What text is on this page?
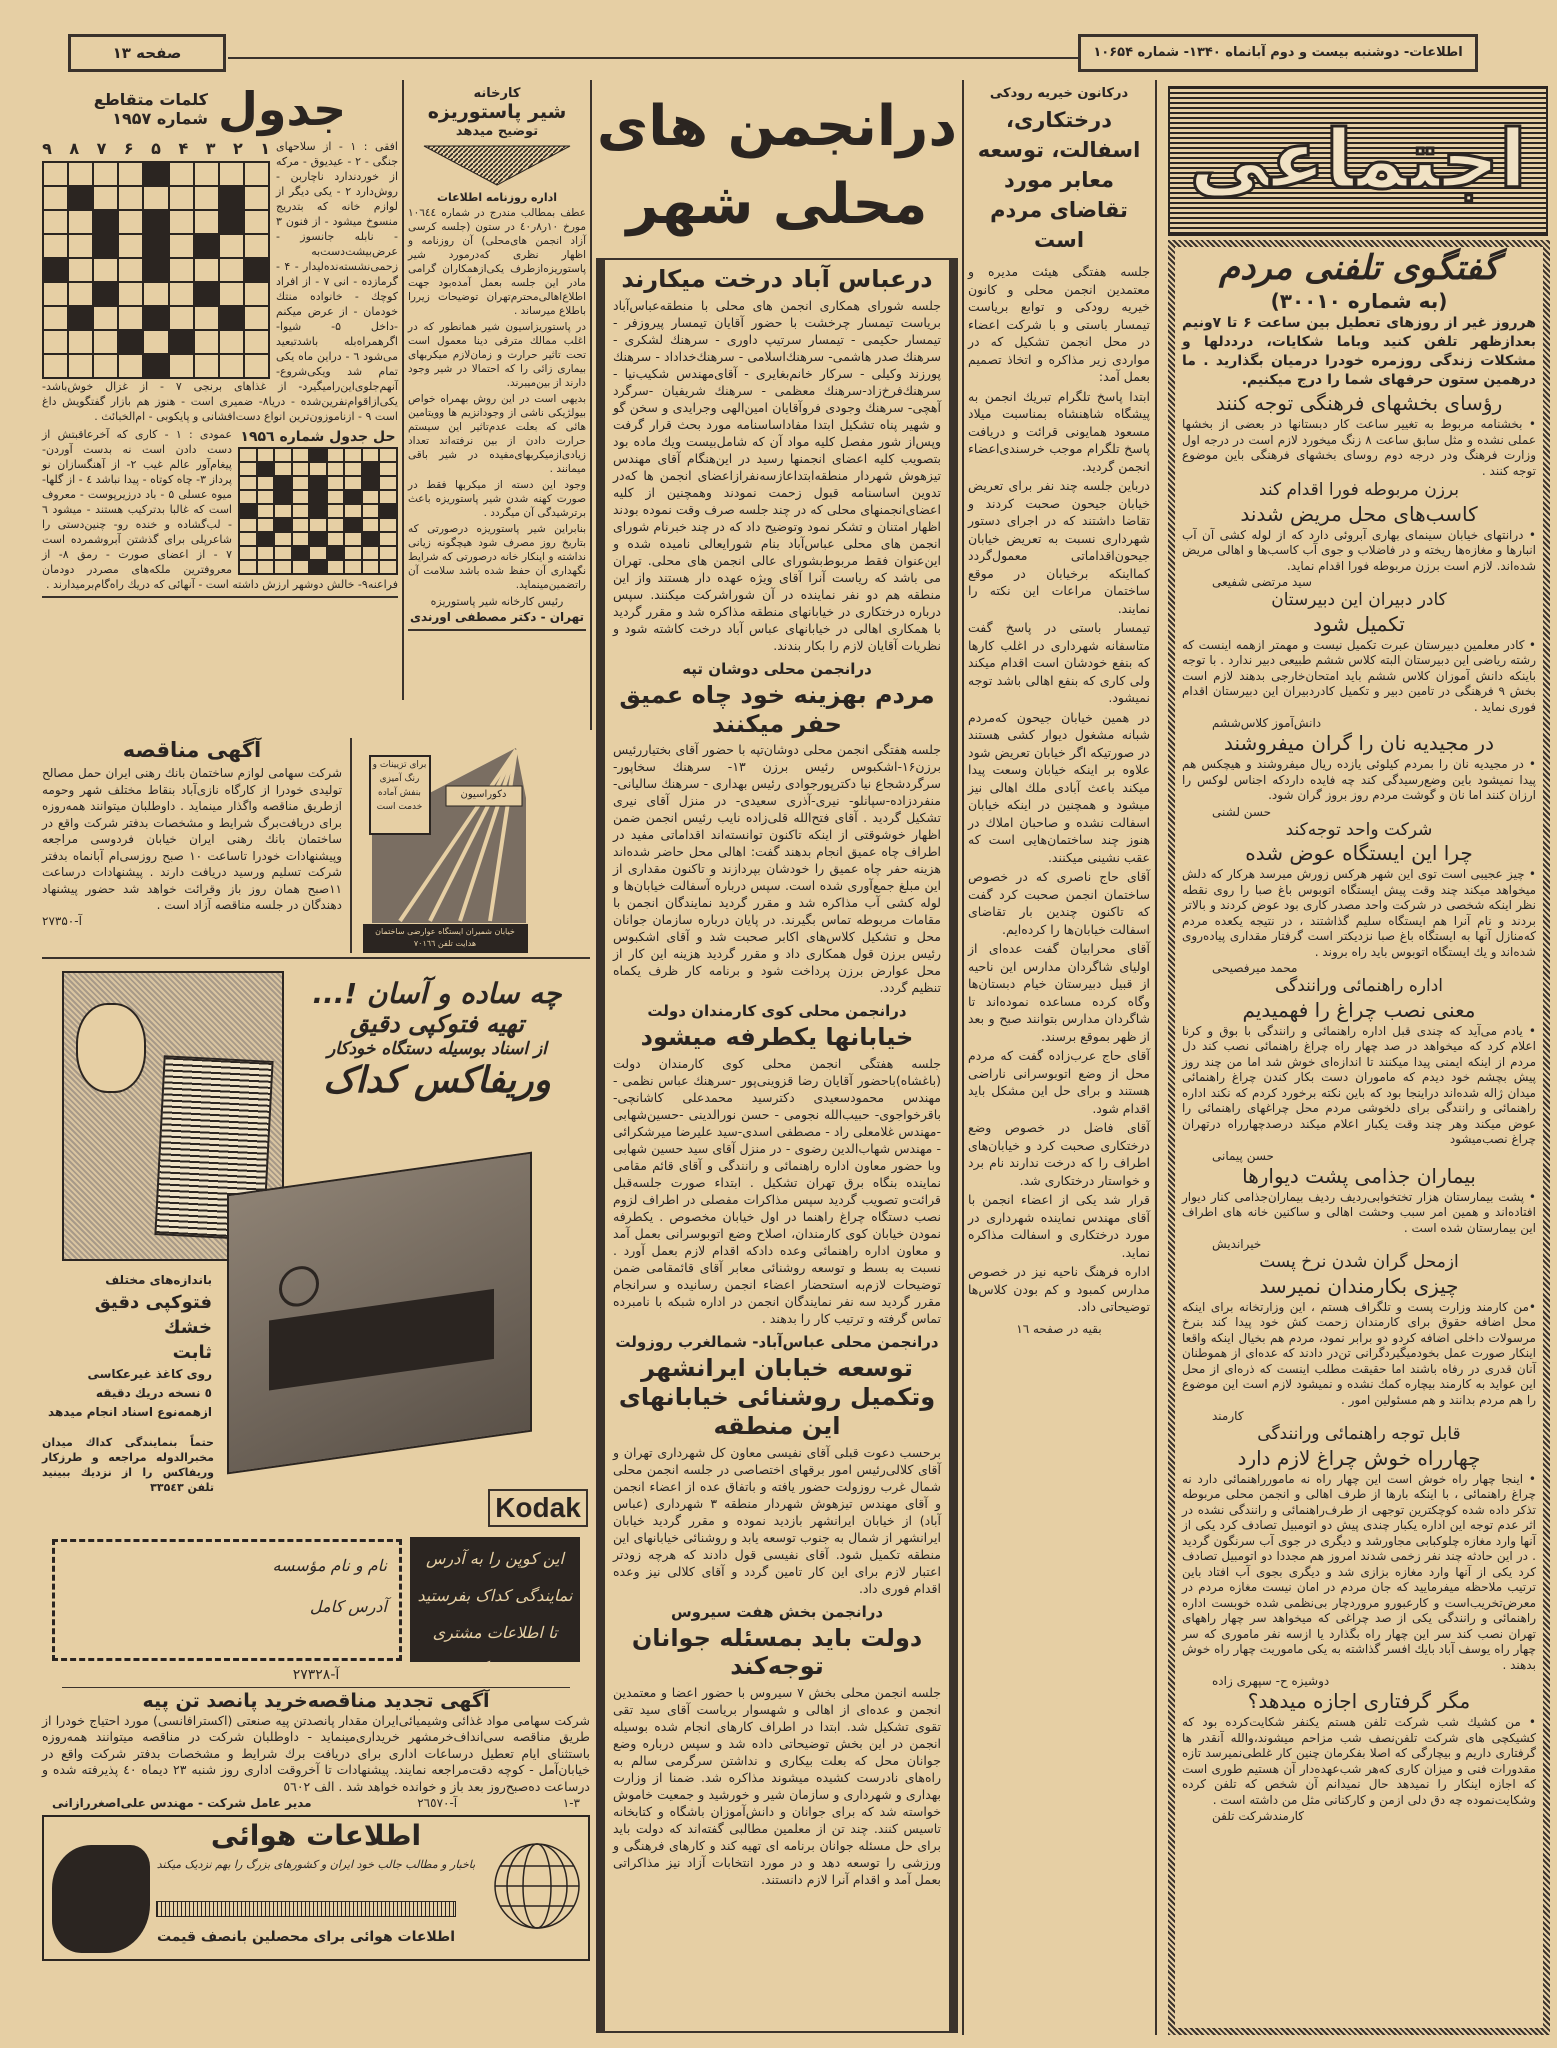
اطلاعات- دوشنبه بیست و دوم آبانماه ۱۳۴۰- شماره ۱۰۶۵۴
صفحه ۱۳
اجتماعی
گفتگوی تلفنی مردم
(به شماره ۳۰۰۱۰)
هرروز غیر از روزهای تعطیل بین ساعت ۶ تا ۷ونیم بعدازظهر تلفن کنید وباما شکایات، درددلها و مشکلات زندگی روزمره خودرا درمیان بگذارید . ما درهمین ستون حرفهای شما را درج میکنیم.
رؤسای بخشهای فرهنگی توجه کنند
• بخشنامه مربوط به تغییر ساعت کار دبستانها در بعضی از بخشها عملی نشده و مثل سابق ساعت ۸ زنگ میخورد لازم است در درجه اول وزارت فرهنگ ودر درجه دوم روسای بخشهای فرهنگی باین موضوع توجه کنند .
برزن مربوطه فورا اقدام کند
کاسب‌های محل مریض شدند
• درانتهای خیابان سینمای بهاری آبروئی دارد که از لوله کشی آن آب انبارها و مغازه‌ها ریخته و در فاضلاب و جوی آب کاسب‌ها و اهالی مریض شده‌اند. لازم است برزن مربوطه فورا اقدام نماید.
سید مرتضی شفیعی
کادر دبیران این دبیرستان
تکمیل شود
• کادر معلمین دبیرستان عبرت تکمیل نیست و مهمتر ازهمه اینست که رشته ریاضی این دبیرستان البته کلاس ششم طبیعی دبیر ندارد . با توجه باینکه دانش آموزان کلاس ششم باید امتحان‌خارجی بدهند لازم است بخش ۹ فرهنگی در تامین دبیر و تکمیل کادردبیران این دبیرستان اقدام فوری نماید .
دانش‌آموز کلاس‌ششم
در مجیدیه نان را گران میفروشند
• در مجیدیه نان را بمردم کیلوئی یازده ریال میفروشند و هیچکس هم پیدا نمیشود باین وضع‌رسیدگی کند چه فایده داردکه اجناس لوکس را ارزان کنند اما نان و گوشت مردم روز بروز گران شود.
حسن لشنی
شرکت واحد توجه‌کند
چرا این ایستگاه عوض شده
• چیز عجیبی است توی این شهر هرکس زورش میرسد هرکار که دلش میخواهد میکند چند وقت پیش ایستگاه اتوبوس باغ صبا را روی نقطه نظر اینکه شخصی در شرکت واحد مصدر کاری بود عوض کردند و بالاتر بردند و نام آنرا هم ایستگاه سلیم گذاشتند ، در نتیجه یکعده مردم که‌منازل آنها به ایستگاه باغ صبا نزدیکتر است گرفتار مقداری پیاده‌روی شده‌اند و یك ایستگاه اتوبوس باید راه بروند .
محمد میرفصیحی
اداره راهنمائی ورانندگی
معنی نصب چراغ را فهمیدیم
• یادم می‌آید که چندی قبل اداره راهنمائی و رانندگی با بوق و کرنا اعلام کرد که میخواهد در صد چهار راه چراغ راهنمائی نصب کند دل مردم از اینکه ایمنی پیدا میکنند تا اندازه‌ای خوش شد اما من چند روز پیش بچشم خود دیدم که ماموران دست بکار کندن چراغ راهنمائی میدان ژاله شده‌اند دراینجا بود که باین نکته برخورد کردم که نکند اداره راهنمائی و رانندگی برای دلخوشی مردم محل چراغهای راهنمائی را عوض میکند وهر چند وقت یکبار اعلام میکند درصدچهارراه درتهران چراغ نصب‌میشود
حسن پیمانی
بیماران جذامی پشت دیوارها
• پشت بیمارستان هزار تختخوابی‌ردیف ردیف بیماران‌جذامی کنار دیوار افتاده‌اند و همین امر سبب وحشت اهالی و ساکنین خانه های اطراف این بیمارستان شده است .
خیراندیش
ازمحل گران شدن نرخ پست
چیزی بکارمندان نمیرسد
•من کارمند وزارت پست و تلگراف هستم ، این وزارتخانه برای اینکه محل اضافه حقوق برای کارمندان زحمت کش خود پیدا کند بنرخ مرسولات داخلی اضافه کردو دو برابر نمود، مردم هم بخیال اینکه واقعا اینکار صورت عمل بخودمیگیرد‌گرانی تن‌در دادند که عده‌ای از هموطنان آنان قدری در رفاه باشند اما حقیقت مطلب اینست که ذره‌ای از محل این عواید به کارمند بیچاره کمك نشده و نمیشود لازم است این موضوع را هم مردم بدانند و هم مسئولین امور .
کارمند
قابل توجه راهنمائی ورانندگی
چهارراه خوش چراغ لازم دارد
• اینجا چهار راه خوش است این چهار راه نه مامورراهنمائی دارد نه چراغ راهنمائی ، با اینکه بارها از طرف اهالی و انجمن محلی مربوطه تذکر داده شده کوچکترین توجهی از طرف‌راهنمائی و رانندگی نشده در اثر عدم توجه این اداره یکبار چندی پیش دو اتومبیل تصادف کرد یکی از آنها وارد مغازه چلوکبابی مجاورشد و دیگری در جوی آب سرنگون گردید . در این حادثه چند نفر زخمی شدند امروز هم مجددا دو اتومبیل تصادف کرد یکی از آنها وارد مغازه بزازی شد و دیگری بجوی آب افتاد باین ترتیب ملاحظه میفرمایید که جان مردم در امان نیست مغازه مردم در معرض‌تخریب‌است و کارعبورو مروردچار بی‌نظمی شده خوبست اداره راهنمائی و رانندگی یکی از صد چراغی که میخواهد سر چهار راههای تهران نصب کند سر این چهار راه بگذارد یا ازسه نفر ماموری که سر چهار راه یوسف آباد بایك افسر گذاشته به یکی ماموریت چهار راه خوش بدهند .
دوشیزه ح- سپهری زاده
مگر گرفتاری اجازه میدهد؟
• من کشیك شب شرکت تلفن هستم یکنفر شکایت‌کرده بود که کشیکچی های شرکت تلفن‌نصف شب مزاحم میشوند،والله آنقدر ها گرفتاری داریم و بیچارگی که اصلا بفکرمان چنین کار غلطی‌نمیرسد تازه مقدورات فنی و میزان کاری که‌هر شب‌عهده‌دار آن هستیم طوری است که اجازه اینکار را نمیدهد حال نمیدانم آن شخص که تلفن کرده وشکایت‌نموده چه دق دلی ازمن و کارکنانی مثل من داشته است .
کارمندشرکت تلفن
درکانون خیریه رودکی
درختکاری، اسفالت، توسعه معابر مورد تقاضای مردم است

جلسه هفتگی هیئت مدیره و معتمدین انجمن محلی و کانون خیریه رودکی و توابع بریاست تیمسار باستی و با شرکت اعضاء در محل انجمن تشکیل که در مواردی زیر مذاکره و اتخاذ تصمیم بعمل آمد:

ابتدا پاسخ تلگرام تبریك انجمن به پیشگاه شاهنشاه بمناسبت میلاد مسعود همایونی قرائت و دریافت پاسخ تلگرام موجب خرسندی‌اعضاء انجمن گردید.

درباین جلسه چند نفر برای تعریض خیابان جیحون صحبت کردند و تقاضا داشتند که در اجرای دستور شهرداری نسبت به تعریض خیابان جیحون‌اقداماتی معمول‌گردد کمااینکه برخیابان در موقع ساختمان مراعات این نکته را نمایند.

تیمسار باستی در پاسخ گفت متاسفانه شهرداری در اغلب کارها که بنفع خودشان است اقدام میکند ولی کاری که بنفع اهالی باشد توجه نمیشود.

در همین خیابان جیحون که‌مردم شبانه مشغول دیوار کشی هستند در صورتیکه اگر خیابان تعریض شود علاوه بر اینکه خیابان وسعت پیدا میکند باعث آبادی ملك اهالی نیز میشود و همچنین در اینکه خیابان اسفالت نشده و صاحبان املاك در هنوز چند ساختمان‌هایی است که عقب نشینی میکنند.

آقای حاج ناصری که در خصوص ساختمان انجمن صحبت کرد گفت که تاکنون چندین بار تقاضای اسفالت خیابان‌ها را کرده‌ایم.

آقای محرابیان گفت عده‌ای از اولیای شاگردان مدارس این ناحیه از قبیل دبیرستان خیام دبستان‌ها وگاه کرده مساعده نموده‌اند تا شاگردان مدارس بتوانند صبح و بعد از ظهر بموقع برسند.

آقای حاج عرب‌زاده گفت که مردم محل از وضع اتوبوسرانی ناراضی هستند و برای حل این مشکل باید اقدام شود.

آقای فاضل در خصوص وضع درختکاری صحبت کرد و خیابان‌های اطراف را که درخت ندارند نام برد و خواستار درختکاری شد.

قرار شد یکی از اعضاء انجمن با آقای مهندس نماینده شهرداری در مورد درختکاری و اسفالت مذاکره نماید.

اداره فرهنگ ناحیه نیز در خصوص مدارس کمبود و کم بودن کلاس‌ها توضیحاتی داد.

بقیه در صفحه ۱٦
درانجمن های
محلی شهر
درعباس آباد درخت میکارند
جلسه شورای همکاری انجمن های محلی با منطقه‌عباس‌آباد بریاست تیمسار چرخشت با حضور آقایان تیمسار پیروزفر - تیمسار حکیمی - تیمسار سرتیپ داوری - سرهنك لشکری - سرهنك صدر هاشمی- سرهنك‌اسلامی - سرهنك‌خداداد - سرهنك پورزند وکیلی - سرکار خانم‌بغایری - آقای‌مهندس شکیب‌نیا - سرهنك‌فرخ‌زاد-سرهنك معظمی - سرهنك شریفیان -سرگرد آهچی- سرهنك وجودی فروآقایان امین‌الهی وجرایدی و سخن گو و شهیر پناه تشکیل ابتدا مفاداساسنامه مورد بحث قرار گرفت وپس‌از شور مفصل کلیه مواد آن که شامل‌بیست ویك ماده بود بتصویب کلیه اعضای انجمنها رسید در این‌هنگام آقای مهندس تیزهوش شهردار منطقه‌ابتداعازسه‌نفرازاعضای انجمن ها که‌در تدوین اساسنامه قبول زحمت نمودند وهمچنین از کلیه اعضای‌انجمنهای محلی که در چند جلسه صرف وقت نموده بودند اظهار امتنان و تشکر نمود وتوضیح داد که در چند خبرنام شورای انجمن های محلی عباس‌آباد بنام شورایعالی نامیده شده و این‌عنوان فقط مربوط‌بشورای عالی انجمن های محلی. تهران می باشد که ریاست آنرا آقای ویژه عهده دار هستند واز این منطقه هم دو نفر نماینده در آن شوراشرکت میکنند. سپس درباره درختکاری در خیابانهای منطقه مذاکره شد و مقرر گردید با همکاری اهالی در خیابانهای عباس آباد درخت کاشته شود و نظریات آقایان لازم را بکار بندند.
درانجمن محلی دوشان تپه
مردم بهزینه خود چاه عمیق حفر میکنند
جلسه هفتگی انجمن محلی دوشان‌تپه با حضور آقای بختیاررئیس برزن۱۶-اشکبوس رئیس برزن ۱۳- سرهنك سخاپور- سرگردشجاع نیا دکترپورجوادی رئیس بهداری - سرهنك سالیانی- منفردزاده-سپانلو- نیری-آذری سعیدی- در منزل آقای نیری تشکیل گردید . آقای فتح‌الله قلی‌زاده نایب رئیس انجمن ضمن اظهار خوشوقتی از اینکه تاکنون توانسته‌اند اقداماتی مفید در اطراف چاه عمیق انجام بدهند گفت: اهالی محل حاضر شده‌اند هزینه حفر چاه عمیق را خودشان بپردازند و تاکنون مقداری از این مبلغ جمع‌آوری شده است. سپس درباره آسفالت خیابان‌ها و لوله کشی آب مذاکره شد و مقرر گردید نمایندگان انجمن با مقامات مربوطه تماس بگیرند. در پایان درباره سازمان جوانان محل و تشکیل کلاس‌های اکابر صحبت شد و آقای اشکبوس رئیس برزن قول همکاری داد و مقرر گردید هزینه این کار از محل عوارض برزن پرداخت شود و برنامه کار ظرف یکماه تنظیم گردد.
درانجمن محلی کوی کارمندان دولت
خیابانها یکطرفه میشود
جلسه هفتگی انجمن محلی کوی کارمندان دولت (باغشاه)باحضور آقایان رضا قزوینی‌پور -سرهنك عباس نظمی - مهندس محمودسعیدی دکترسید محمدعلی کاشانچی- باقرخواجوی- حبیب‌الله نجومی - حسن نورالدینی -حسین‌شهابی -مهندس غلامعلی راد - مصطفی اسدی-سید علیرضا میرشکرائی - مهندس شهاب‌الدین رضوی - در منزل آقای سید حسین شهابی وبا حضور معاون اداره راهنمائی و رانندگی و آقای قائم مقامی نماینده بنگاه برق تهران تشکیل . ابتداء صورت جلسه‌قبل قرائت‌و تصویب گردید سپس مذاکرات مفصلی در اطراف لزوم نصب دستگاه چراغ راهنما در اول خیابان مخصوص . یکطرفه نمودن خیابان کوی کارمندان، اصلاح وضع اتوبوسرانی بعمل آمد و معاون اداره راهنمائی وعده دادکه اقدام لازم بعمل آورد . نسبت به بسط و توسعه روشنائی معابر آقای قائمقامی ضمن توضیحات لازم‌به استحضار اعضاء انجمن رسانیده و سرانجام مقرر گردید سه نفر نمایندگان انجمن در اداره شبکه با نامبرده تماس گرفته و ترتیب کار را بدهند .
درانجمن محلی عباس‌آباد- شمالغرب روزولت
توسعه خیابان ایرانشهر وتکمیل روشنائی خیابانهای این منطقه
برحسب دعوت قبلی آقای نفیسی معاون کل شهرداری تهران و آقای کلالی‌رئیس امور برقهای اختصاصی در جلسه انجمن محلی شمال غرب روزولت حضور یافته و باتفاق عده از اعضاء انجمن و آقای مهندس تیزهوش شهردار منطقه ۳ شهرداری (عباس آباد) از خیابان ایرانشهر بازدید نموده و مقرر گردید خیابان ایرانشهر از شمال به جنوب توسعه یابد و روشنائی خیابانهای این منطقه تکمیل شود. آقای نفیسی قول دادند که هرچه زودتر اعتبار لازم برای این کار تامین گردد و آقای کلالی نیز وعده اقدام فوری داد.
درانجمن بخش هفت سیروس
دولت باید بمسئله جوانان توجه‌کند
جلسه انجمن محلی بخش ۷ سیروس با حضور اعضا و معتمدین انجمن و عده‌ای از اهالی و شهسوار بریاست آقای سید تقی تقوی تشکیل شد. ابتدا در اطراف کارهای انجام شده بوسیله انجمن در این بخش توضیحاتی داده شد و سپس درباره وضع جوانان محل که بعلت بیکاری و نداشتن سرگرمی سالم به راه‌های نادرست کشیده میشوند مذاکره شد. ضمنا از وزارت بهداری و شهرداری و سازمان شیر و خورشید و جمعیت خاموش خواسته شد که برای جوانان و دانش‌آموزان باشگاه و کتابخانه تاسیس کنند. چند تن از معلمین مطالبی گفته‌اند که دولت باید برای حل مسئله جوانان برنامه ای تهیه کند و کارهای فرهنگی و ورزشی را توسعه دهد و در مورد انتخابات آزاد نیز مذاکراتی بعمل آمد و اقدام آنرا لازم دانستند.
کارخانه
شیر پاستوریزه
توضیح میدهد
اداره روزنامه اطلاعات

عطف بمطالب مندرج در شماره ۱۰٦٤٤ مورخ ۱۰ر۸ر٤۰ در ستون (جلسه کرسی آزاد انجمن های‌محلی) آن روزنامه و اظهار نظری که‌درمورد شیر پاستوریزه‌ازطرف یکی‌ازهمکاران گرامی مادر این جلسه بعمل آمده‌بود جهت اطلاع‌اهالی‌محترم‌تهران توضیحات زیررا باطلاع میرساند .

در پاستوریزاسیون شیر همانطور که در اغلب ممالك مترقی دینا معمول است تحت تاثیر حرارت و زمان‌لازم میکربهای بیماری زائی را که احتمالا در شیر وجود دارند از بین‌میبرند.

بدیهی است در این روش بهمراه خواص بیولژیکی ناشی از وجودانزیم ها وویتامین هائی که بعلت عدم‌تاثیر این سیستم حرارت دادن از بین نرفته‌اند تعداد زیادی‌ازمیکربهای‌مفیده در شیر باقی میمانند .

وجود این دسته از میکربها فقط در صورت کهنه شدن شیر پاستوریزه باعث برترشیدگی آن میگردد .

بنابراین شیر پاستوریزه درصورتی که بتاریخ روز مصرف شود هیچگونه زیانی نداشته و اینکار خانه درصورتی که شرایط نگهداری آن حفظ شده باشد سلامت آن راتضمین‌مینماید.

رئیس کارخانه شیر پاستوریزه
تهران - دکتر مصطفی اورندی
جدول
کلمات متقاطع
شماره ۱۹۵۷
۱
۲
۳
۴
۵
۶
۷
۸
۹	افقی : ۱ - از سلاحهای جنگی - ۲ - عیدیوق - مرکه از خوردندارد ناچاربن - روش‌دارد ۲ - یکی دیگر از لوازم خانه که بتدریج منسوخ میشود - از فنون ۳ - نابله جانسوز - عرض‌بیشت‌دست‌به زحمی‌نشسته‌نده‌لیدار - ۴ - گرمازده - انی ۷ - از افراد کوچك - خانواده منتك خودمان - از عرض میکنم -داخل ۵- شیوا- اگرهمراه‌بله باشدتبعید می‌شود ٦ - دراین ماه یکی تمام شد ویکی‌شروع- آنهم‌جلوی‌این‌رامیگیرد- از غذاهای برنجی ۷ - از غزال خوش‌باشد-یکی‌ازاقوام‌نفرین‌شده - دریا۸- ضمیری است - هنوز هم بازار گفتگویش داغ است ۹ - ازناموزون‌ترین انواع دست‌افشانی و پایکوبی - ام‌الخبائث .
حل جدول شماره ۱۹۵٦
عمودی : ۱ - کاری که آخرعاقبتش از دست دادن است نه بدست آوردن- پیغام‌آور عالم غیب ۲- از آهنگسازان نو پرداز ۳- چاه کوتاه - پیدا نباشد ٤ - از گلها- میوه عسلی ۵ - باد درزیرپوست - معروف است که غالبا بدترکیب هستند - میشود ٦ - لب‌گشاده و خنده رو- چنین‌دستی را شاعرپلی برای گذشتن آبروشمرده است ۷ - از اعضای صورت - رمق ۸- از معروفترین ملکه‌های مصردر دودمان فراعنه۹- خالش دوشهر ارزش داشته است - آنهائی که دریك راه‌گام‌برمیدارند .
آگهی مناقصه
شرکت سهامی لوازم ساختمان بانك رهنی ایران حمل مصالح تولیدی خودرا از کارگاه نازی‌آباد بنقاط مختلف شهر وحومه ازطریق مناقصه واگذار مینماید . داوطلبان میتوانند همه‌روزه برای دریافت‌برگ شرایط و مشخصات بدفتر شرکت واقع در ساختمان بانك رهنی ایران خیابان فردوسی مراجعه وپیشنهادات خودرا تاساعت ۱۰ صبح روزسی‌ام آبانماه بدفتر شرکت تسلیم ورسید دریافت دارند . پیشنهادات درساعت ۱۱صبح همان روز باز وقرائت خواهد شد حضور پیشنهاد دهندگان در جلسه مناقصه آزاد است .
آ-۲۷۳۵۰
برای تزیینات و رنگ آمیزی بنفش آماده خدمت است
دکوراسیون
خیابان شمیران ایستگاه عوارضی ساختمان هدایت تلفن ۷۰۱٦٦
چه ساده و آسان !...
تهیه فتوکپی دقیق
از اسناد بوسیله دستگاه خودکار
وریفاکس کداک
باندازه‌های مختلف
فتوکپی دقیق
خشك
ثابت
روی کاغذ غیرعکاسی
٥ نسخه دریك دقیقه
ازهمه‌نوع اسناد انجام میدهد
حتماً بنمایندگی کداك میدان مخبرالدوله مراجعه و طرزکار وریفاکس را از نزدیك ببینید تلفن ۳۳۵٤۳
Kodak
این کوپن را به آدرس نمایندگی کداک بفرستید تا اطلاعات مشتری ارسال گردد
نام و نام مؤسسه
آدرس کامل
آ-۲۷۳۲۸
آگهی تجدید مناقصه‌خرید پانصد تن پیه
شرکت سهامی مواد غذائی وشیمیائی‌ایران مقدار پانصدتن پیه صنعتی (اکسترافانسی) مورد احتیاج خودرا از طریق مناقصه سی‌اندا‌ف‌خرمشهر خریداری‌مینماید - داوطلبان شرکت در مناقصه میتوانند همه‌روزه باستثنای ایام تعطیل درساعات اداری برای دریافت برك شرایط و مشخصات بدفتر شرکت واقع در خیابان‌آمل - کوچه دقت‌مراجعه نمایند. پیشنهادات تا آخروقت اداری روز شنبه ۲۳ دیماه ٤۰ پذیرفته شده و درساعت ده‌صبح‌روز بعد باز و خوانده خواهد شد . الف ٥٦۰۲
۱-۳
آ-۲٦٥۷۰
مدیر عامل شرکت - مهندس علی‌اصغررازانی
اطلاعات هوائی
باخبار و مطالب جالب خود ایران و کشورهای بزرگ را بهم نزدیک میکند
اطلاعات هوائی برای محصلین بانصف قیمت
